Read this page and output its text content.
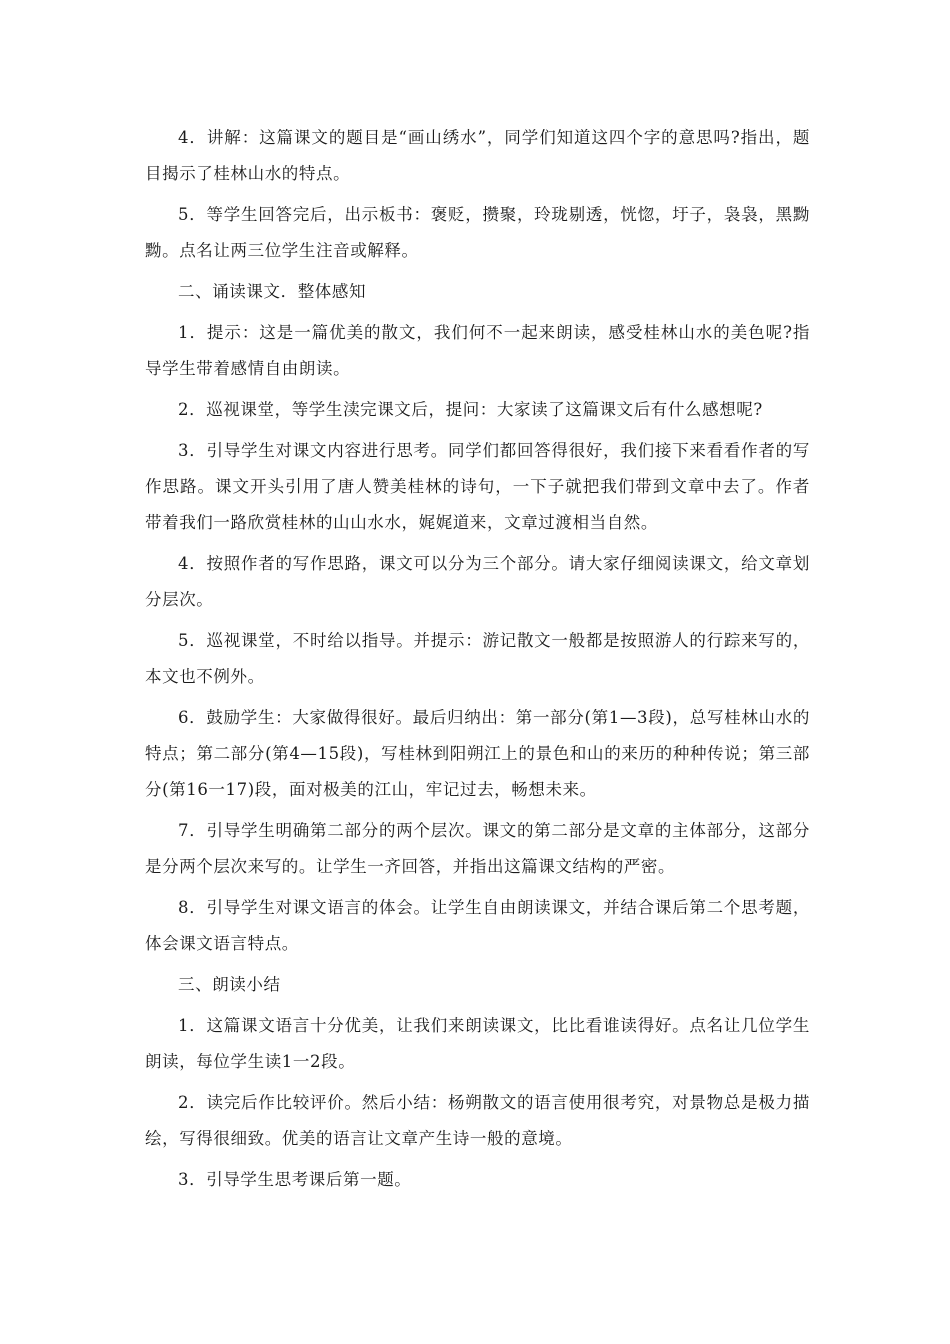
4．讲解：这篇课文的题目是“画山绣水”，同学们知道这四个字的意思吗?指出，题目揭示了桂林山水的特点。

5．等学生回答完后，出示板书：褒贬，攒聚，玲珑剔透，恍惚，圩子，袅袅，黑黝黝。点名让两三位学生注音或解释。

二、诵读课文．整体感知

1．提示：这是一篇优美的散文，我们何不一起来朗读，感受桂林山水的美色呢?指导学生带着感情自由朗读。

2．巡视课堂，等学生渎完课文后，提问：大家读了这篇课文后有什么感想呢?

3．引导学生对课文内容进行思考。同学们都回答得很好，我们接下来看看作者的写作思路。课文开头引用了唐人赞美桂林的诗句，一下子就把我们带到文章中去了。作者带着我们一路欣赏桂林的山山水水，娓娓道来，文章过渡相当自然。

4．按照作者的写作思路，课文可以分为三个部分。请大家仔细阅读课文，给文章划分层次。

5．巡视课堂，不时给以指导。并提示：游记散文一般都是按照游人的行踪来写的，本文也不例外。

6．鼓励学生：大家做得很好。最后归纳出：第一部分(第1—3段)，总写桂林山水的特点；第二部分(第4—15段)，写桂林到阳朔江上的景色和山的来历的种种传说；第三部分(第16一17)段，面对极美的江山，牢记过去，畅想未来。

7．引导学生明确第二部分的两个层次。课文的第二部分是文章的主体部分，这部分是分两个层次来写的。让学生一齐回答，并指出这篇课文结构的严密。

8．引导学生对课文语言的体会。让学生自由朗读课文，并结合课后第二个思考题，体会课文语言特点。

三、朗读小结

1．这篇课文语言十分优美，让我们来朗读课文，比比看谁读得好。点名让几位学生朗读，每位学生读1一2段。

2．读完后作比较评价。然后小结：杨朔散文的语言使用很考究，对景物总是极力描绘，写得很细致。优美的语言让文章产生诗一般的意境。

3．引导学生思考课后第一题。
